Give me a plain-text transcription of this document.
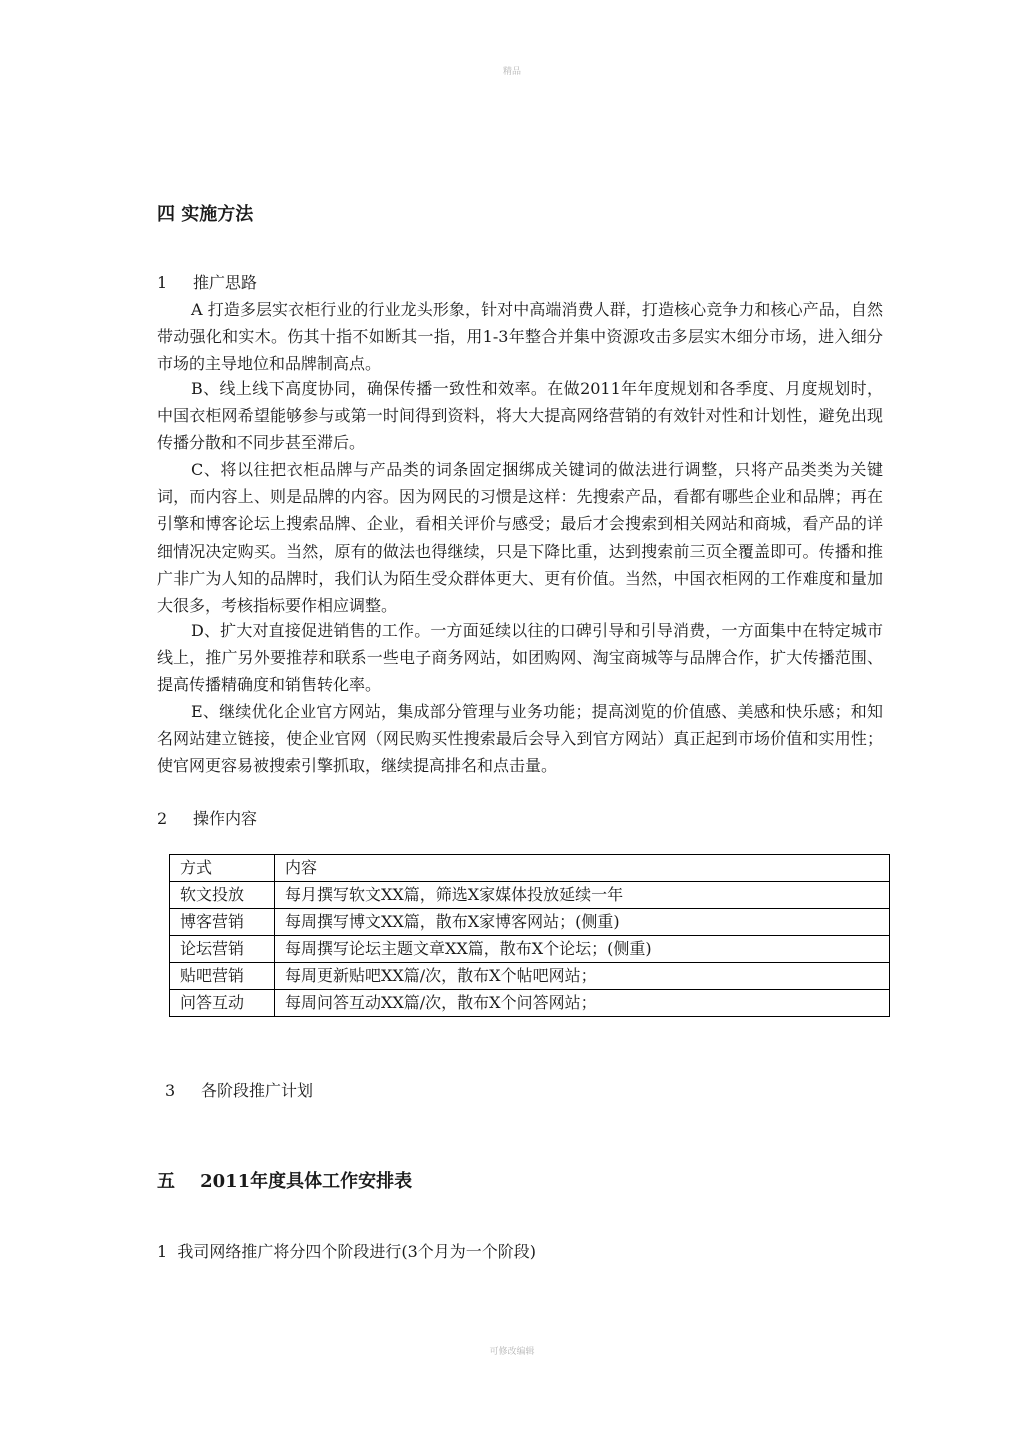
精品
四 实施方法
1 推广思路
A 打造多层实衣柜行业的行业龙头形象，针对中高端消费人群，打造核心竞争力和核心产品，自然带动强化和实木。伤其十指不如断其一指，用1-3年整合并集中资源攻击多层实木细分市场，进入细分市场的主导地位和品牌制高点。
B、线上线下高度协同，确保传播一致性和效率。在做2011年年度规划和各季度、月度规划时，中国衣柜网希望能够参与或第一时间得到资料，将大大提高网络营销的有效针对性和计划性，避免出现传播分散和不同步甚至滞后。
C、将以往把衣柜品牌与产品类的词条固定捆绑成关键词的做法进行调整，只将产品类类为关键词，而内容上、则是品牌的内容。因为网民的习惯是这样：先搜索产品，看都有哪些企业和品牌；再在引擎和博客论坛上搜索品牌、企业，看相关评价与感受；最后才会搜索到相关网站和商城，看产品的详细情况决定购买。当然，原有的做法也得继续，只是下降比重，达到搜索前三页全覆盖即可。传播和推广非广为人知的品牌时，我们认为陌生受众群体更大、更有价值。当然，中国衣柜网的工作难度和量加大很多，考核指标要作相应调整。
D、扩大对直接促进销售的工作。一方面延续以往的口碑引导和引导消费，一方面集中在特定城市线上，推广另外要推荐和联系一些电子商务网站，如团购网、淘宝商城等与品牌合作，扩大传播范围、提高传播精确度和销售转化率。
E、继续优化企业官方网站，集成部分管理与业务功能；提高浏览的价值感、美感和快乐感；和知名网站建立链接，使企业官网（网民购买性搜索最后会导入到官方网站）真正起到市场价值和实用性；使官网更容易被搜索引擎抓取，继续提高排名和点击量。
2 操作内容
方式	内容
软文投放	每月撰写软文XX篇，筛选X家媒体投放延续一年
博客营销	每周撰写博文XX篇，散布X家博客网站；(侧重)
论坛营销	每周撰写论坛主题文章XX篇，散布X个论坛；(侧重)
贴吧营销	每周更新贴吧XX篇/次，散布X个帖吧网站；
问答互动	每周问答互动XX篇/次，散布X个问答网站；
3 各阶段推广计划
五    2011年度具体工作安排表
1  我司网络推广将分四个阶段进行(3个月为一个阶段)
可修改编辑
